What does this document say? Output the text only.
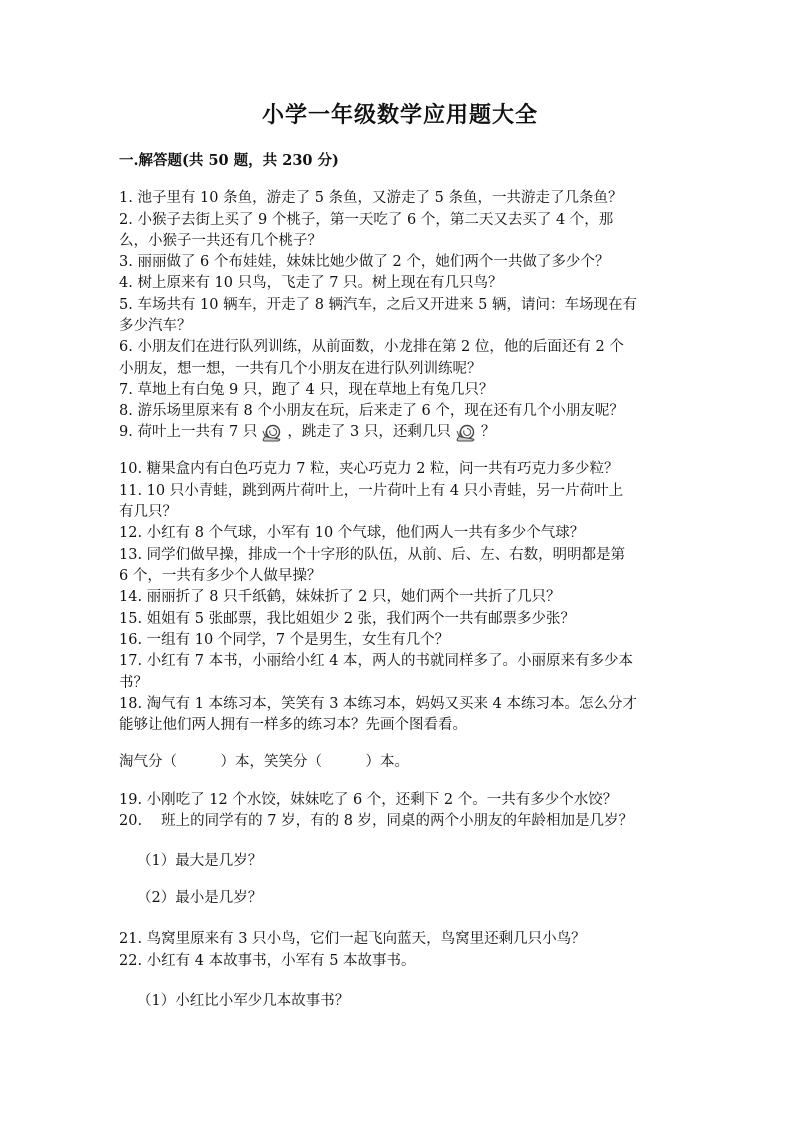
小学一年级数学应用题大全
一.解答题(共 50 题，共 230 分)
1. 池子里有 10 条鱼，游走了 5 条鱼，又游走了 5 条鱼，一共游走了几条鱼？
2. 小猴子去街上买了 9 个桃子，第一天吃了 6 个，第二天又去买了 4 个，那
么，小猴子一共还有几个桃子？
3. 丽丽做了 6 个布娃娃，妹妹比她少做了 2 个，她们两个一共做了多少个？
4. 树上原来有 10 只鸟，飞走了 7 只。树上现在有几只鸟？
5. 车场共有 10 辆车，开走了 8 辆汽车，之后又开进来 5 辆，请问：车场现在有
多少汽车？
6. 小朋友们在进行队列训练，从前面数，小龙排在第 2 位，他的后面还有 2 个
小朋友，想一想，一共有几个小朋友在进行队列训练呢？
7. 草地上有白兔 9 只，跑了 4 只，现在草地上有兔几只？
8. 游乐场里原来有 8 个小朋友在玩，后来走了 6 个，现在还有几个小朋友呢？
9. 荷叶上一共有 7 只 ，跳走了 3 只，还剩几只 ？
10. 糖果盒内有白色巧克力 7 粒，夹心巧克力 2 粒，问一共有巧克力多少粒？
11. 10 只小青蛙，跳到两片荷叶上，一片荷叶上有 4 只小青蛙，另一片荷叶上
有几只？
12. 小红有 8 个气球，小军有 10 个气球，他们两人一共有多少个气球？
13. 同学们做早操，排成一个十字形的队伍，从前、后、左、右数，明明都是第
6 个，一共有多少个人做早操？
14. 丽丽折了 8 只千纸鹤，妹妹折了 2 只，她们两个一共折了几只？
15. 姐姐有 5 张邮票，我比姐姐少 2 张，我们两个一共有邮票多少张？
16. 一组有 10 个同学，7 个是男生，女生有几个？
17. 小红有 7 本书，小丽给小红 4 本，两人的书就同样多了。小丽原来有多少本
书？
18. 淘气有 1 本练习本，笑笑有 3 本练习本，妈妈又买来 4 本练习本。怎么分才
能够让他们两人拥有一样多的练习本？先画个图看看。
淘气分（　　　）本，笑笑分（　　　）本。
19. 小刚吃了 12 个水饺，妹妹吃了 6 个，还剩下 2 个。一共有多少个水饺？
20.　 班上的同学有的 7 岁，有的 8 岁，同桌的两个小朋友的年龄相加是几岁？
（1）最大是几岁？
（2）最小是几岁？
21. 鸟窝里原来有 3 只小鸟，它们一起飞向蓝天，鸟窝里还剩几只小鸟？
22. 小红有 4 本故事书，小军有 5 本故事书。
（1）小红比小军少几本故事书？
